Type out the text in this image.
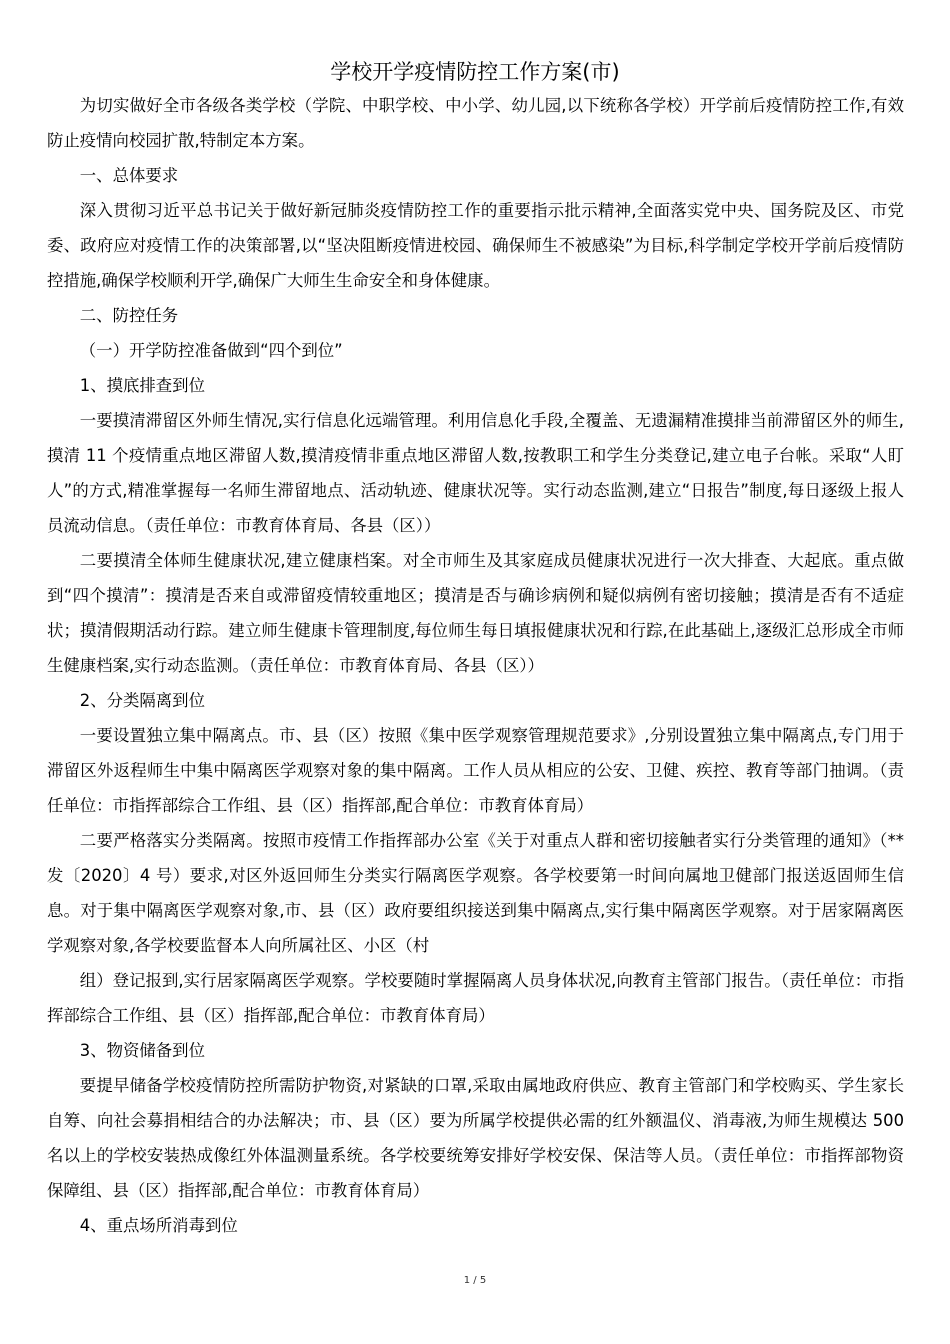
学校开学疫情防控工作方案(市)

为切实做好全市各级各类学校（学院、中职学校、中小学、幼儿园,以下统称各学校）开学前后疫情防控工作,有效防止疫情向校园扩散,特制定本方案。

一、总体要求

深入贯彻习近平总书记关于做好新冠肺炎疫情防控工作的重要指示批示精神,全面落实党中央、国务院及区、市党委、政府应对疫情工作的决策部署,以“坚决阻断疫情进校园、确保师生不被感染”为目标,科学制定学校开学前后疫情防控措施,确保学校顺利开学,确保广大师生生命安全和身体健康。

二、防控任务

（一）开学防控准备做到“四个到位”

1、摸底排查到位

一要摸清滞留区外师生情况,实行信息化远端管理。利用信息化手段,全覆盖、无遗漏精准摸排当前滞留区外的师生,摸清 11 个疫情重点地区滞留人数,摸清疫情非重点地区滞留人数,按教职工和学生分类登记,建立电子台帐。采取“人盯人”的方式,精准掌握每一名师生滞留地点、活动轨迹、健康状况等。实行动态监测,建立“日报告”制度,每日逐级上报人员流动信息。（责任单位：市教育体育局、各县（区））

二要摸清全体师生健康状况,建立健康档案。对全市师生及其家庭成员健康状况进行一次大排查、大起底。重点做到“四个摸清”：摸清是否来自或滞留疫情较重地区；摸清是否与确诊病例和疑似病例有密切接触；摸清是否有不适症状；摸清假期活动行踪。建立师生健康卡管理制度,每位师生每日填报健康状况和行踪,在此基础上,逐级汇总形成全市师生健康档案,实行动态监测。（责任单位：市教育体育局、各县（区））

2、分类隔离到位

一要设置独立集中隔离点。市、县（区）按照《集中医学观察管理规范要求》,分别设置独立集中隔离点,专门用于滞留区外返程师生中集中隔离医学观察对象的集中隔离。工作人员从相应的公安、卫健、疾控、教育等部门抽调。（责任单位：市指挥部综合工作组、县（区）指挥部,配合单位：市教育体育局）

二要严格落实分类隔离。按照市疫情工作指挥部办公室《关于对重点人群和密切接触者实行分类管理的通知》（**发〔2020〕4 号）要求,对区外返回师生分类实行隔离医学观察。各学校要第一时间向属地卫健部门报送返固师生信息。对于集中隔离医学观察对象,市、县（区）政府要组织接送到集中隔离点,实行集中隔离医学观察。对于居家隔离医学观察对象,各学校要监督本人向所属社区、小区（村

组）登记报到,实行居家隔离医学观察。学校要随时掌握隔离人员身体状况,向教育主管部门报告。（责任单位：市指挥部综合工作组、县（区）指挥部,配合单位：市教育体育局）

3、物资储备到位

要提早储备学校疫情防控所需防护物资,对紧缺的口罩,采取由属地政府供应、教育主管部门和学校购买、学生家长自筹、向社会募捐相结合的办法解决；市、县（区）要为所属学校提供必需的红外额温仪、消毒液,为师生规模达 500 名以上的学校安装热成像红外体温测量系统。各学校要统筹安排好学校安保、保洁等人员。（责任单位：市指挥部物资保障组、县（区）指挥部,配合单位：市教育体育局）

4、重点场所消毒到位

1 / 5
